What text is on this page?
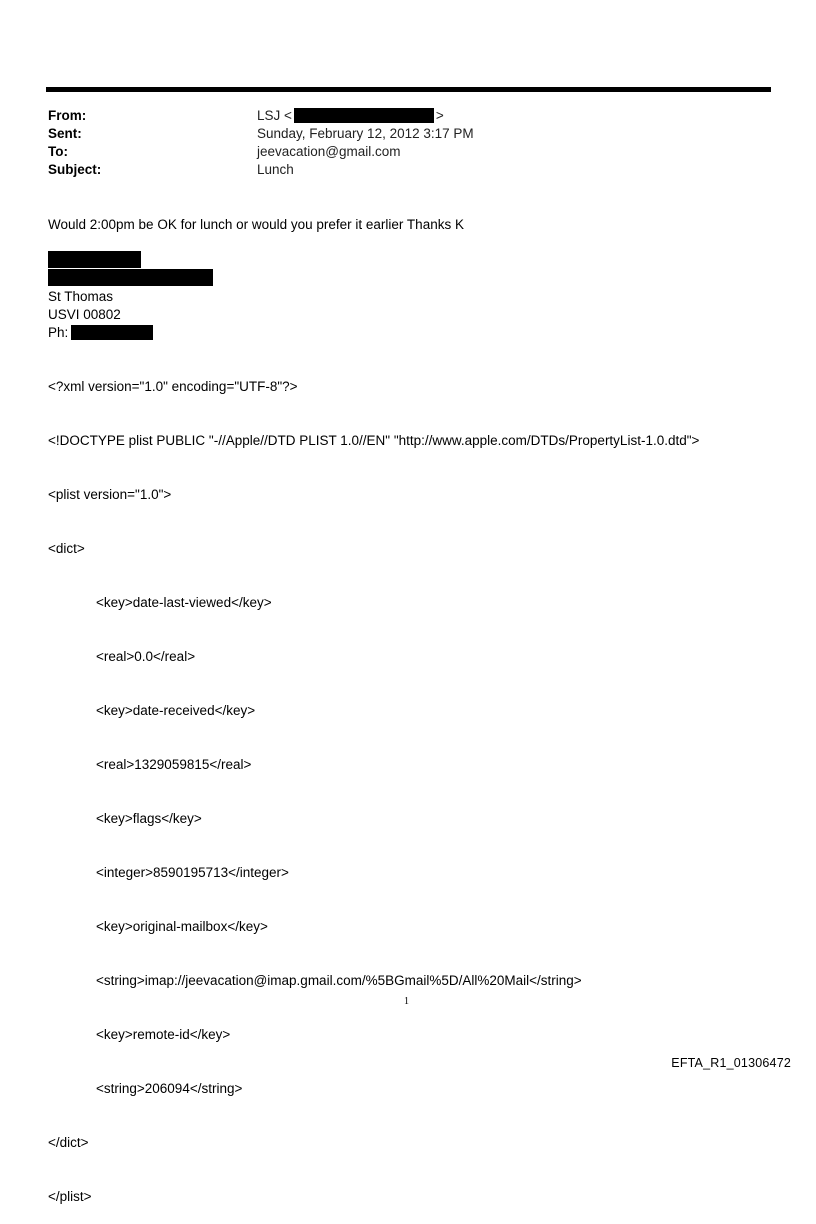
From:	LSJ <	>
Sent:	Sunday, February 12, 2012 3:17 PM
To:	jeevacation@gmail.com
Subject:	Lunch
Would 2:00pm be OK for lunch or would you prefer it earlier Thanks K
St Thomas
USVI 00802
Ph:

<?xml version="1.0" encoding="UTF-8"?>

<!DOCTYPE plist PUBLIC "-//Apple//DTD PLIST 1.0//EN" "http://www.apple.com/DTDs/PropertyList-1.0.dtd">

<plist version="1.0">

<dict>

<key>date-last-viewed</key>

<real>0.0</real>

<key>date-received</key>

<real>1329059815</real>

<key>flags</key>

<integer>8590195713</integer>

<key>original-mailbox</key>

<string>imap://jeevacation@imap.gmail.com/%5BGmail%5D/All%20Mail</string>

<key>remote-id</key>

<string>206094</string>

</dict>

</plist>

1
EFTA_R1_01306472
